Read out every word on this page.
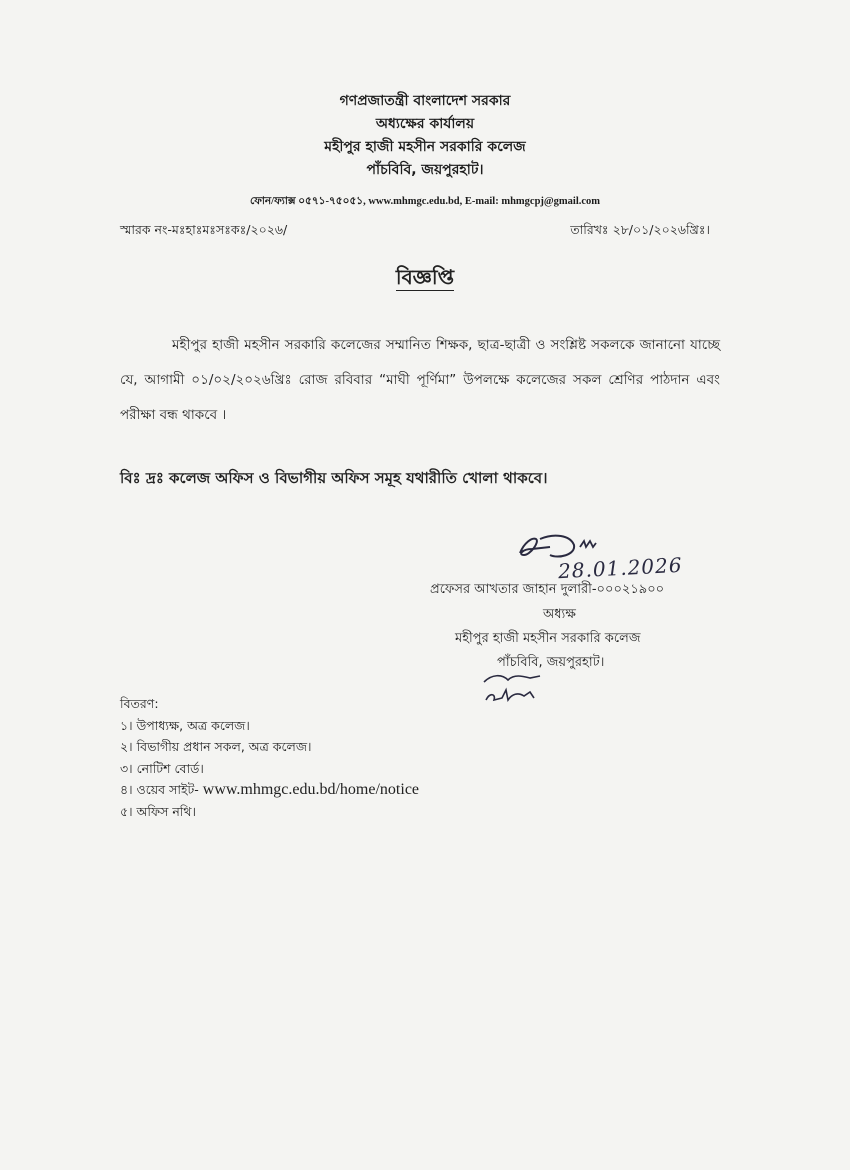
গণপ্রজাতন্ত্রী বাংলাদেশ সরকার
অধ্যক্ষের কার্যালয়
মহীপুর হাজী মহসীন সরকারি কলেজ
পাঁচবিবি, জয়পুরহাট।
ফোন/ফ্যাক্স ০৫৭১-৭৫০৫১, www.mhmgc.edu.bd, E-mail: mhmgcpj@gmail.com
স্মারক নং-মঃহাঃমঃসঃকঃ/২০২৬/	তারিখঃ ২৮/০১/২০২৬খ্রিঃ।
বিজ্ঞপ্তি
মহীপুর হাজী মহসীন সরকারি কলেজের সম্মানিত শিক্ষক, ছাত্র-ছাত্রী ও সংশ্লিষ্ট সকলকে জানানো যাচ্ছে যে, আগামী ০১/০২/২০২৬খ্রিঃ রোজ রবিবার “মাঘী পূর্ণিমা” উপলক্ষে কলেজের সকল শ্রেণির পাঠদান এবং পরীক্ষা বন্ধ থাকবে ।
বিঃ দ্রঃ কলেজ অফিস ও বিভাগীয় অফিস সমূহ যথারীতি খোলা থাকবে।
28.01.2026
প্রফেসর আখতার জাহান দুলারী-০০০২১৯০০
অধ্যক্ষ
মহীপুর হাজী মহসীন সরকারি কলেজ
পাঁচবিবি, জয়পুরহাট।
বিতরণ:
১। উপাধ্যক্ষ, অত্র কলেজ।
২। বিভাগীয় প্রধান সকল, অত্র কলেজ।
৩। নোটিশ বোর্ড।
৪। ওয়েব সাইট- www.mhmgc.edu.bd/home/notice
৫। অফিস নথি।
